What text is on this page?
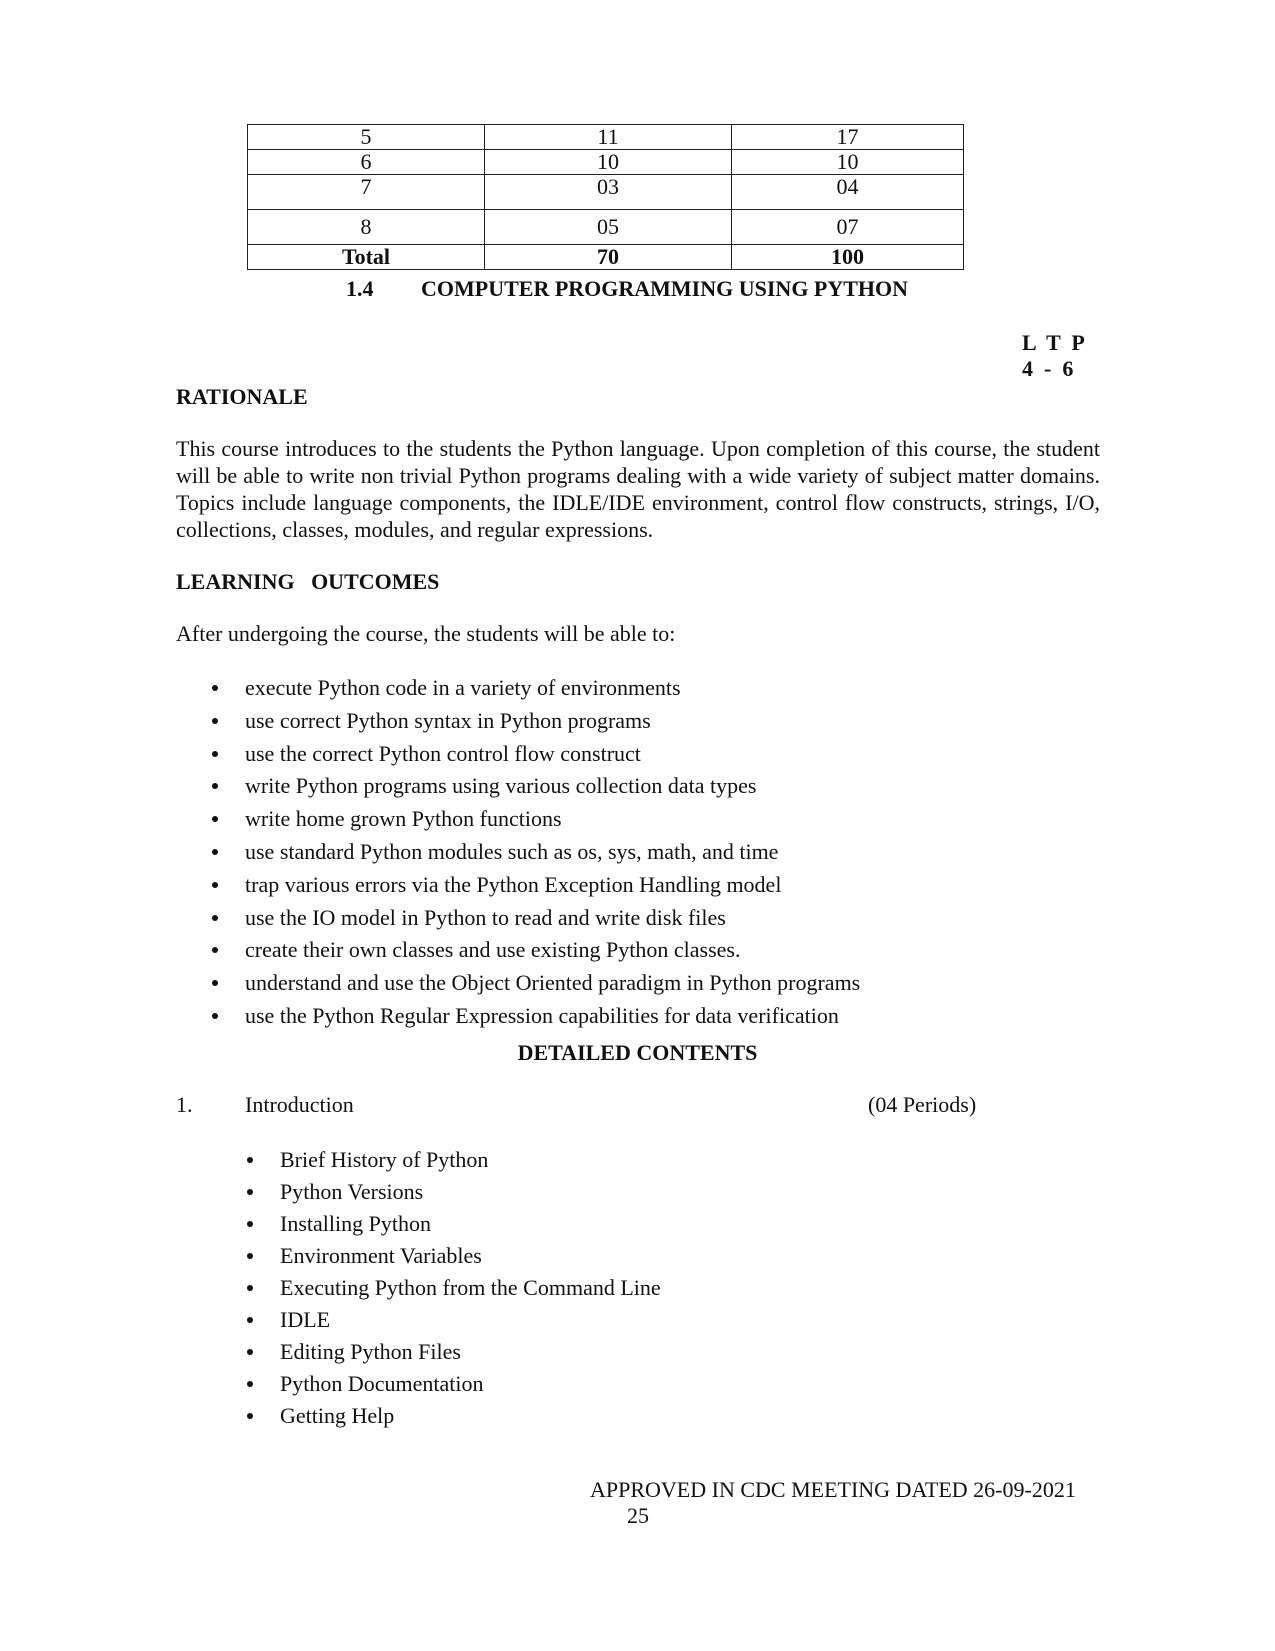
5	11	17
6	10	10
7	03	04
8	05	07
Total	70	100
1.4 COMPUTER PROGRAMMING USING PYTHON
L  T  P
4  -  6
RATIONALE
This course introduces to the students the Python language. Upon completion of this course, the student will be able to write non trivial Python programs dealing with a wide variety of subject matter domains. Topics include language components, the IDLE/IDE environment, control flow constructs, strings, I/O, collections, classes, modules, and regular expressions.
LEARNING   OUTCOMES
After undergoing the course, the students will be able to:
execute Python code in a variety of environments
use correct Python syntax in Python programs
use the correct Python control flow construct
write Python programs using various collection data types
write home grown Python functions
use standard Python modules such as os, sys, math, and time
trap various errors via the Python Exception Handling model
use the IO model in Python to read and write disk files
create their own classes and use existing Python classes.
understand and use the Object Oriented paradigm in Python programs
use the Python Regular Expression capabilities for data verification
DETAILED CONTENTS
1. Introduction	(04 Periods)
Brief History of Python
Python Versions
Installing Python
Environment Variables
Executing Python from the Command Line
IDLE
Editing Python Files
Python Documentation
Getting Help
APPROVED IN CDC MEETING DATED 26-09-2021
25
